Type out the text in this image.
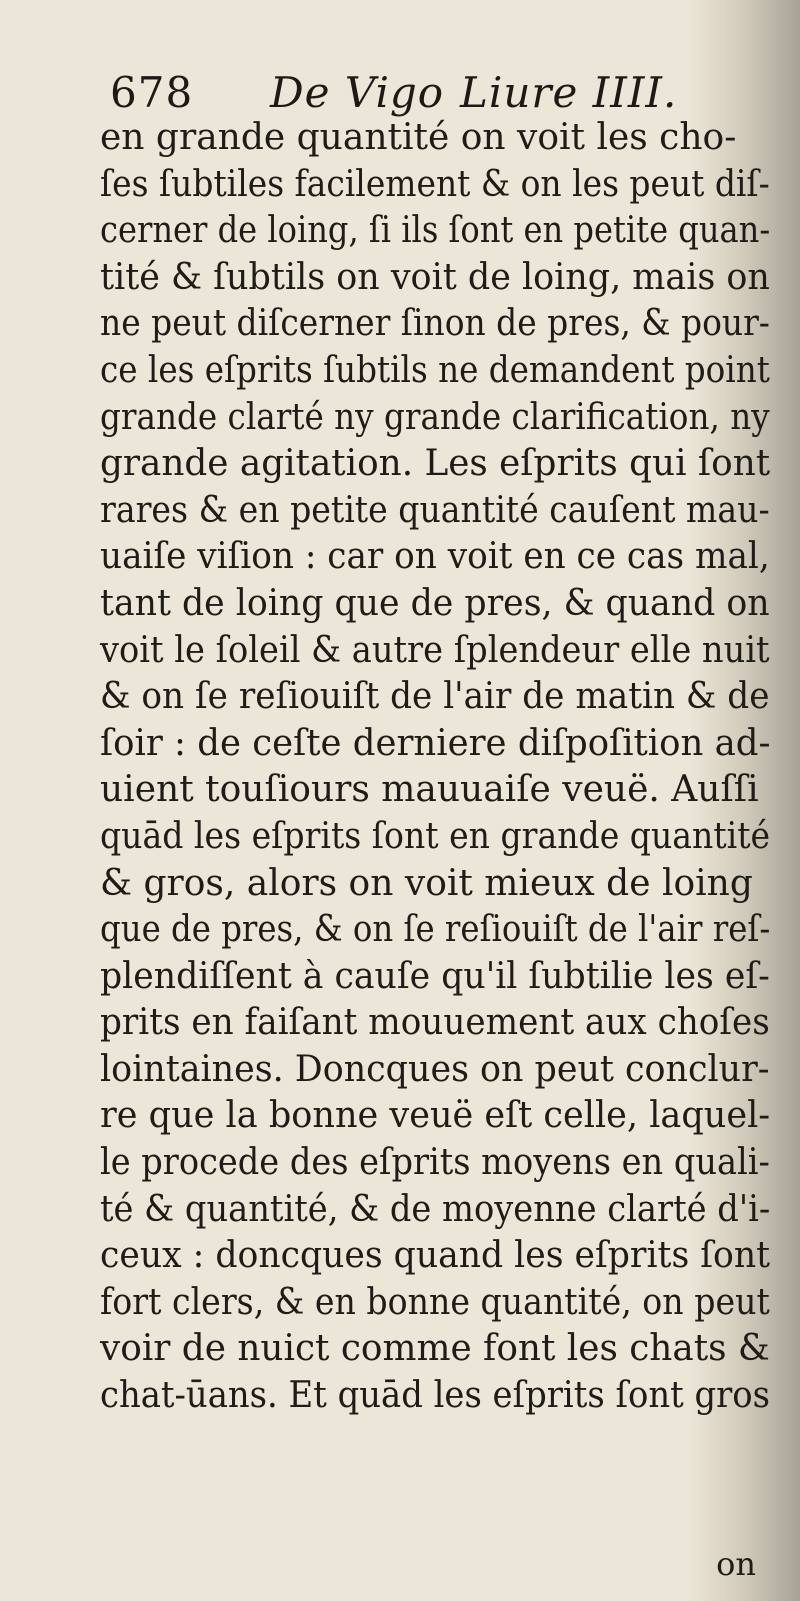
678 De Vigo Liure IIII.
en grande quantité on voit les cho-
ſes ſubtiles facilement & on les peut diſ-
cerner de loing, ſi ils ſont en petite quan-
tité & ſubtils on voit de loing, mais on
ne peut diſcerner ſinon de pres, & pour-
ce les eſprits ſubtils ne demandent point
grande clarté ny grande clarification, ny
grande agitation. Les eſprits qui ſont
rares & en petite quantité cauſent mau-
uaiſe viſion : car on voit en ce cas mal,
tant de loing que de pres, & quand on
voit le ſoleil & autre ſplendeur elle nuit
& on ſe reſiouiſt de l'air de matin & de
ſoir : de ceſte derniere diſpoſition ad-
uient touſiours mauuaiſe veuë. Auſſi
quād les eſprits ſont en grande quantité
& gros, alors on voit mieux de loing
que de pres, & on ſe reſiouiſt de l'air reſ-
plendiſſent à cauſe qu'il ſubtilie les eſ-
prits en faiſant mouuement aux choſes
lointaines. Doncques on peut conclur-
re que la bonne veuë eſt celle, laquel-
le procede des eſprits moyens en quali-
té & quantité, & de moyenne clarté d'i-
ceux : doncques quand les eſprits ſont
fort clers, & en bonne quantité, on peut
voir de nuict comme font les chats &
chat-ūans. Et quād les eſprits ſont gros
on
